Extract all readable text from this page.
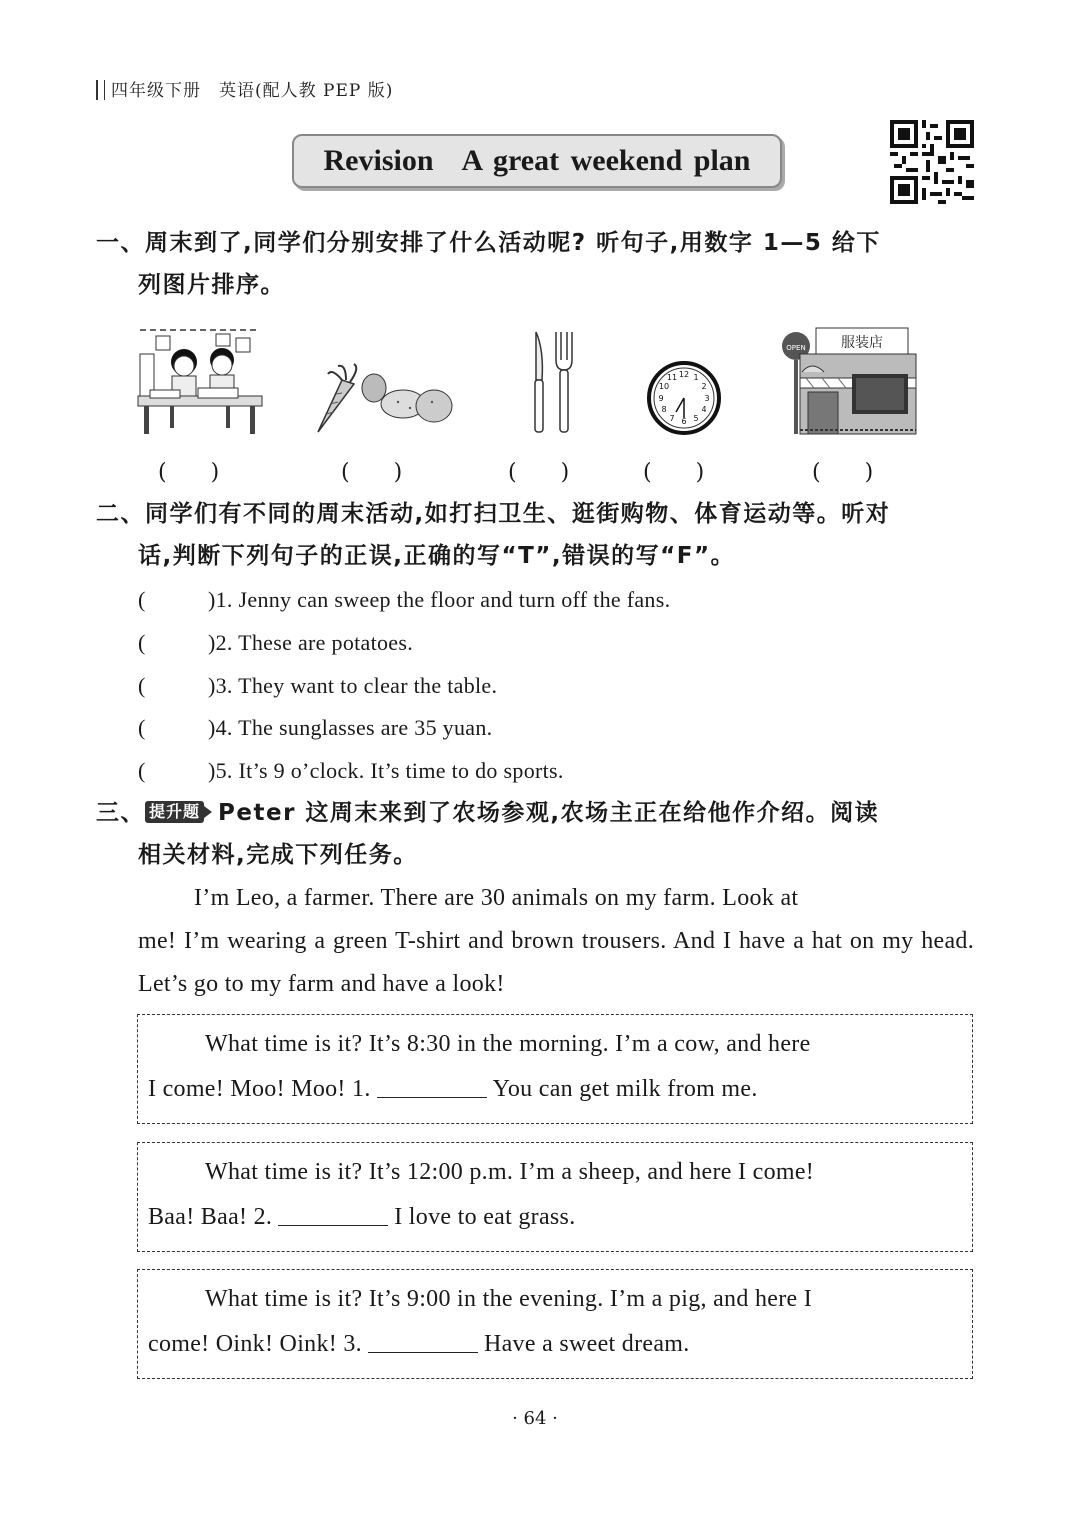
四年级下册　英语(配人教 PEP 版)
Revision A great weekend plan
一、周末到了,同学们分别安排了什么活动呢? 听句子,用数字 1—5 给下
列图片排序。
12 1
2
3
4
5
6
7
8
9
10
11
OPEN	服装店
(　　)	(　　)	(　　)	(　　)	(　　)
二、同学们有不同的周末活动,如打扫卫生、逛街购物、体育运动等。听对
话,判断下列句子的正误,正确的写“T”,错误的写“F”。
(	)1. Jenny can sweep the floor and turn off the fans.
(	)2. These are potatoes.
(	)3. They want to clear the table.
(	)4. The sunglasses are 35 yuan.
(	)5. It’s 9 o’clock. It’s time to do sports.
三、 提升题 Peter 这周末来到了农场参观,农场主正在给他作介绍。阅读
相关材料,完成下列任务。
I’m Leo, a farmer. There are 30 animals on my farm. Look at
me! I’m wearing a green T-shirt and brown trousers. And I have a hat on my head. Let’s go to my farm and have a look!
What time is it? It’s 8:30 in the morning. I’m a cow, and here
I come! Moo! Moo! 1.	You can get milk from me.
What time is it? It’s 12:00 p.m. I’m a sheep, and here I come!
Baa! Baa! 2.	I love to eat grass.
What time is it? It’s 9:00 in the evening. I’m a pig, and here I
come! Oink! Oink! 3.	Have a sweet dream.
· 64 ·
